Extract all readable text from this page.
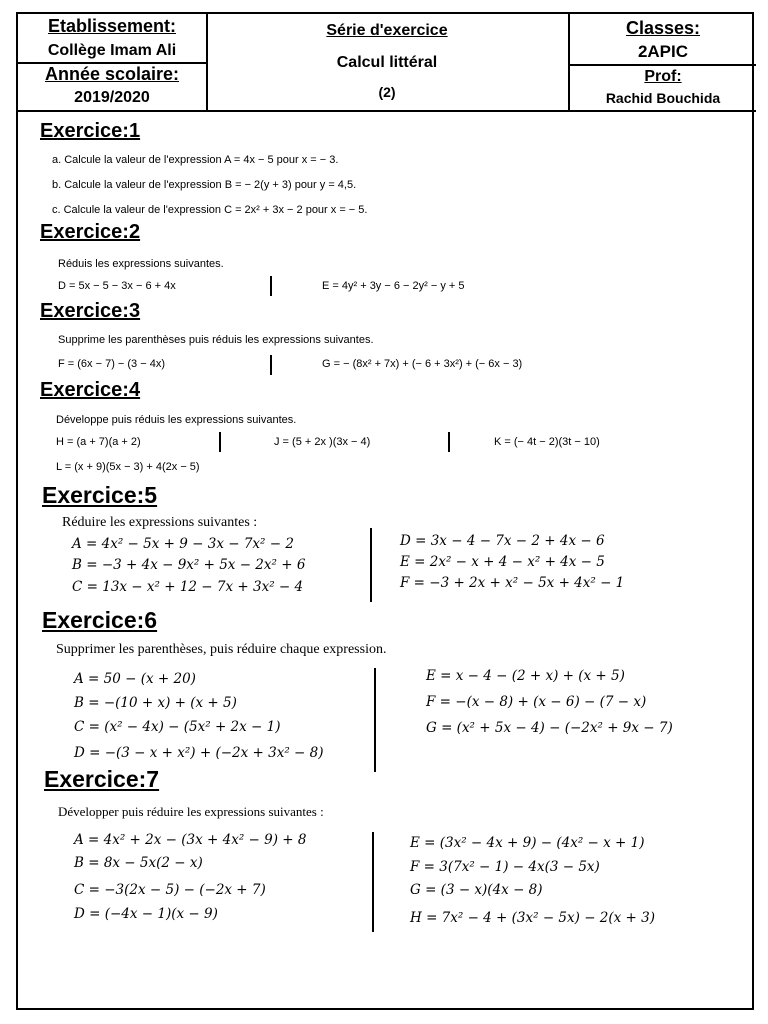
Etablissement:
Collège Imam Ali
Année scolaire:
2019/2020
Série d'exercice
Calcul littéral
(2)
Classes:
2APIC
Prof:
Rachid Bouchida
Exercice:1
a. Calcule la valeur de l'expression A = 4x − 5 pour x = − 3.
b. Calcule la valeur de l'expression B = − 2(y + 3) pour y = 4,5.
c. Calcule la valeur de l'expression C = 2x² + 3x − 2 pour x = − 5.
Exercice:2
Réduis les expressions suivantes.
D = 5x − 5 − 3x − 6 + 4x	E = 4y² + 3y − 6 − 2y² − y + 5
Exercice:3
Supprime les parenthèses puis réduis les expressions suivantes.
F = (6x − 7) − (3 − 4x)	G = − (8x² + 7x) + (− 6 + 3x²) + (− 6x − 3)
Exercice:4
Développe puis réduis les expressions suivantes.
H = (a + 7)(a + 2)	J = (5 + 2x )(3x − 4)	K = (− 4t − 2)(3t − 10)
L = (x + 9)(5x − 3) + 4(2x − 5)
Exercice:5
Réduire les expressions suivantes :
A = 4x² − 5x + 9 − 3x − 7x² − 2
B = −3 + 4x − 9x² + 5x − 2x² + 6
C = 13x − x² + 12 − 7x + 3x² − 4
D = 3x − 4 − 7x − 2 + 4x − 6
E = 2x² − x + 4 − x² + 4x − 5
F = −3 + 2x + x² − 5x + 4x² − 1
Exercice:6
Supprimer les parenthèses, puis réduire chaque expression.
A = 50 − (x + 20)
B = −(10 + x) + (x + 5)
C = (x² − 4x) − (5x² + 2x − 1)
D = −(3 − x + x²) + (−2x + 3x² − 8)
E = x − 4 − (2 + x) + (x + 5)
F = −(x − 8) + (x − 6) − (7 − x)
G = (x² + 5x − 4) − (−2x² + 9x − 7)
Exercice:7
Développer puis réduire les expressions suivantes :
A = 4x² + 2x − (3x + 4x² − 9) + 8
B = 8x − 5x(2 − x)
C = −3(2x − 5) − (−2x + 7)
D = (−4x − 1)(x − 9)
E = (3x² − 4x + 9) − (4x² − x + 1)
F = 3(7x² − 1) − 4x(3 − 5x)
G = (3 − x)(4x − 8)
H = 7x² − 4 + (3x² − 5x) − 2(x + 3)
